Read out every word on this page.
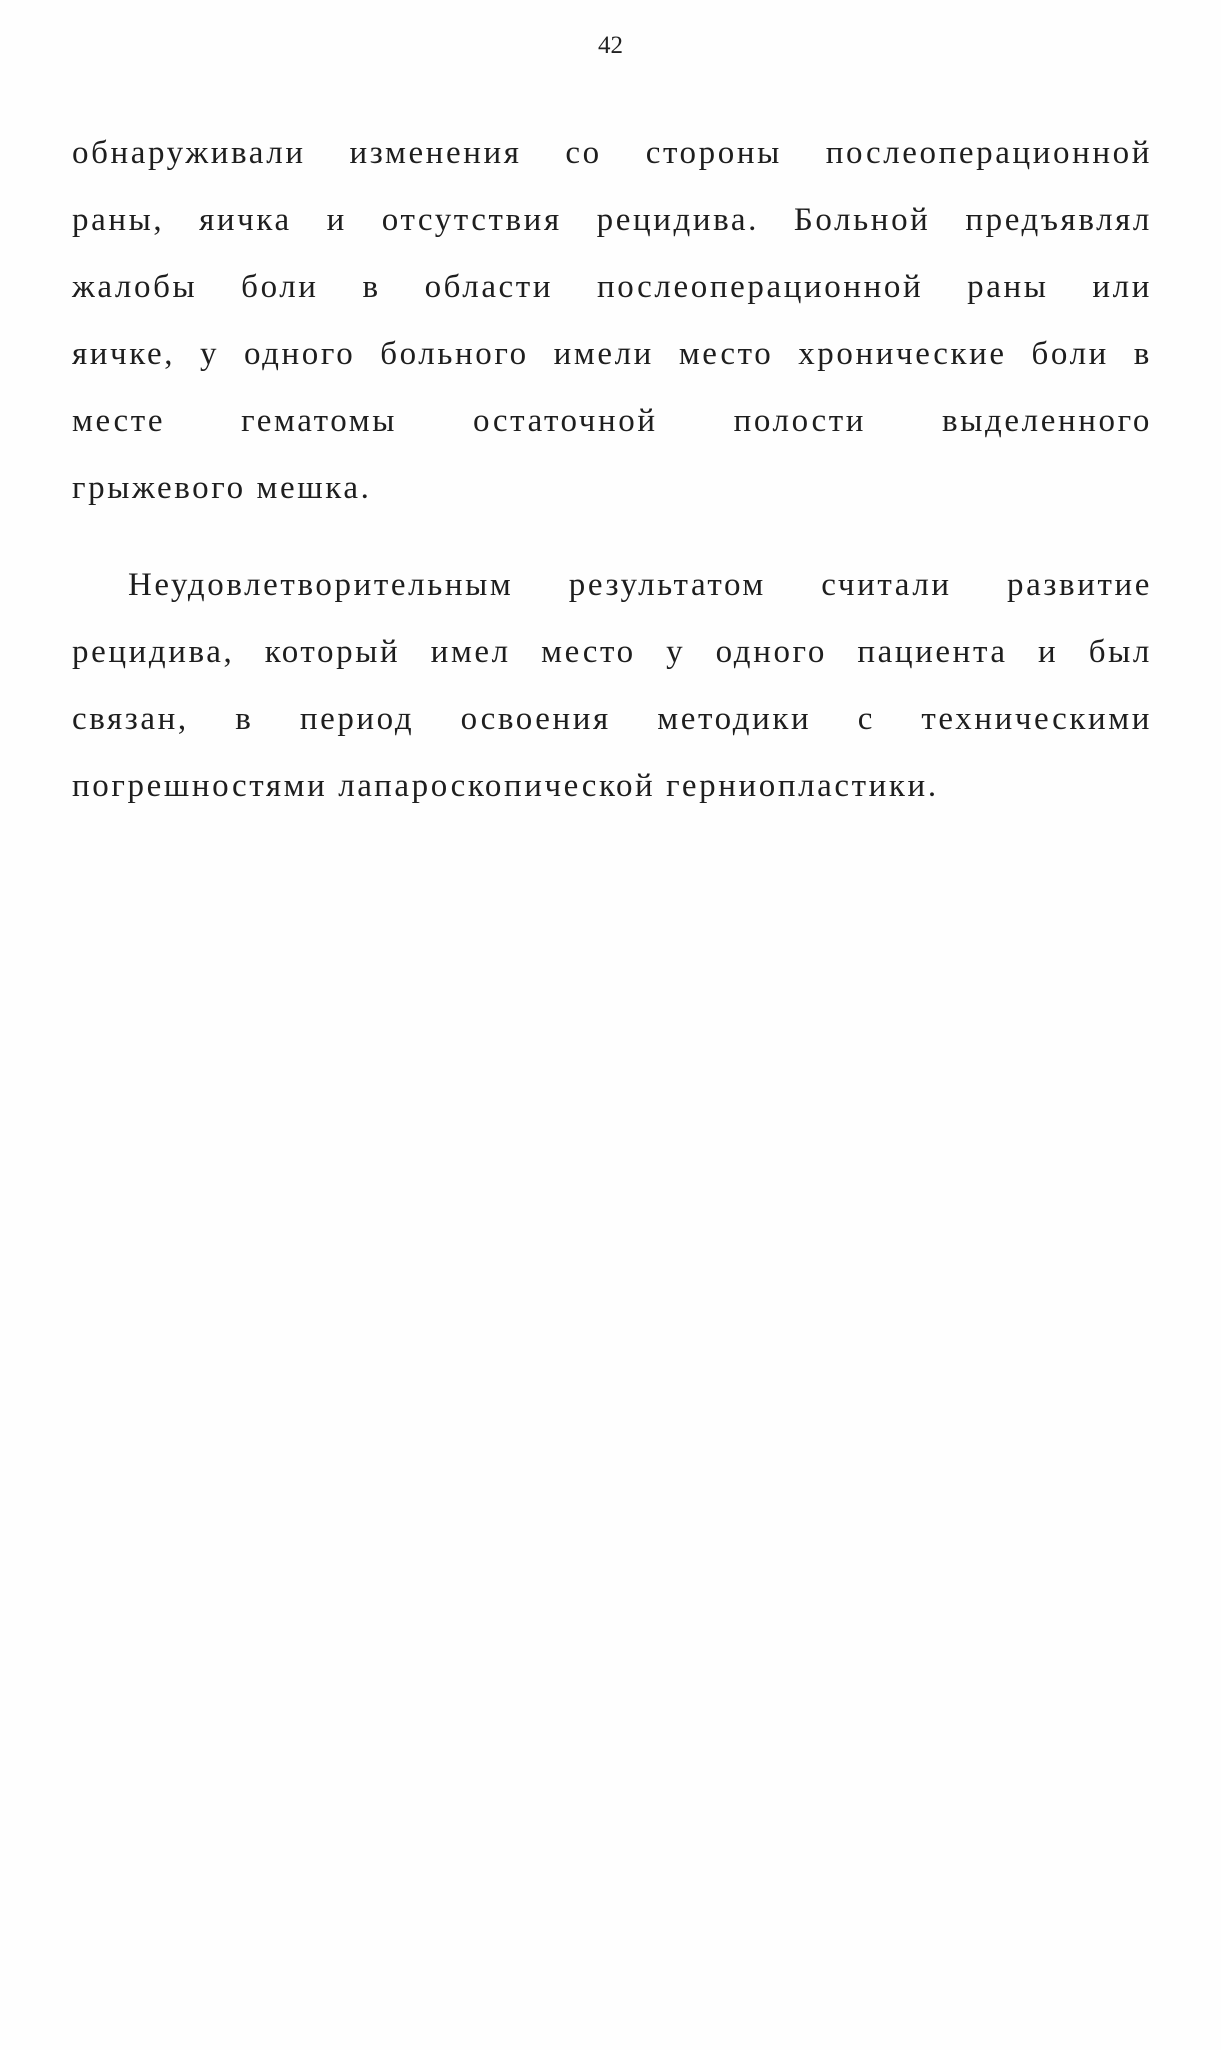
42
обнаруживали изменения со стороны послеоперационной
раны, яичка и отсутствия рецидива. Больной предъявлял
жалобы боли в области послеоперационной раны или
яичке, у одного больного имели место хронические боли в
месте гематомы остаточной полости выделенного
грыжевого мешка.
Неудовлетворительным результатом считали развитие
рецидива, который имел место у одного пациента и был
связан, в период освоения методики с техническими
погрешностями лапароскопической герниопластики.
